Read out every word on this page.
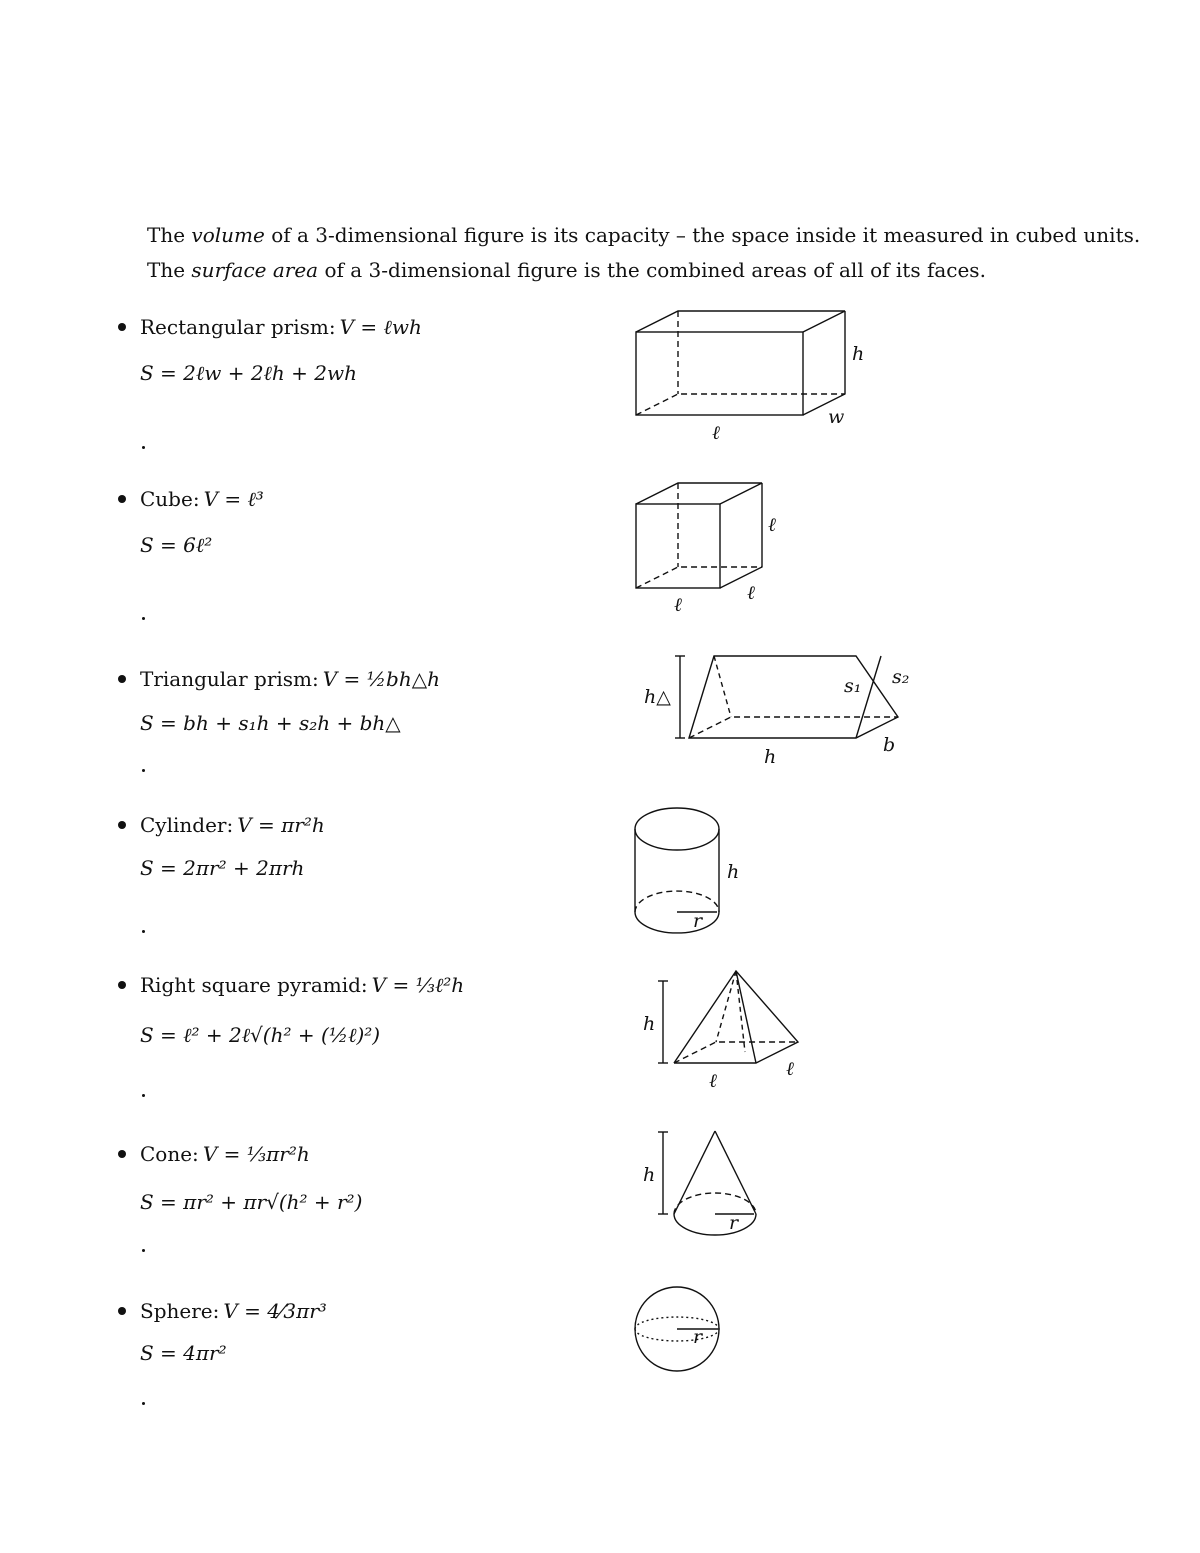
The volume of a 3-dimensional figure is its capacity – the space inside it measured in cubed units.
The surface area of a 3-dimensional figure is the combined areas of all of its faces.
Rectangular prism: V = ℓwh
S = 2ℓw + 2ℓh + 2wh
Cube: V = ℓ³
S = 6ℓ²
Triangular prism: V = ½bh△h
S = bh + s₁h + s₂h + bh△
Cylinder: V = πr²h
S = 2πr² + 2πrh
Right square pyramid: V = ⅓ℓ²h
S = ℓ² + 2ℓ√(h² + (½ℓ)²)
Cone: V = ⅓πr²h
S = πr² + πr√(h² + r²)
Sphere: V = 4⁄3πr³
S = 4πr²
h
w
ℓ
ℓ
ℓ
ℓ
h△	s₁ s₂
h
b
r
h
h
ℓ
ℓ
r
h
r
